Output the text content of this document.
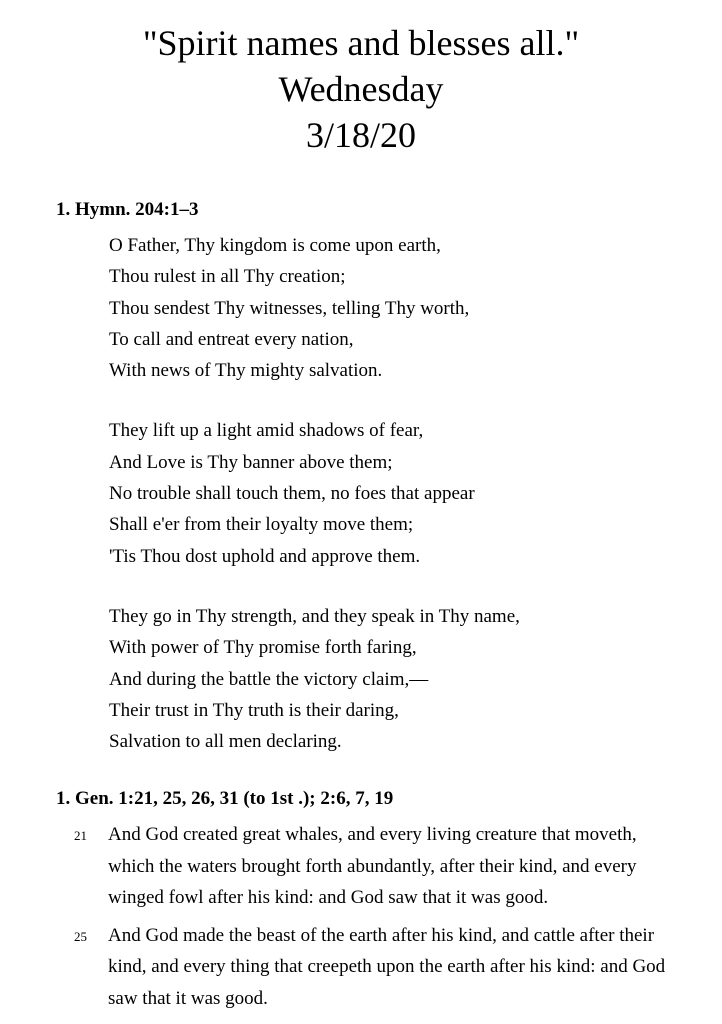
"Spirit names and blesses all."

Wednesday

3/18/20

1. Hymn. 204:1–3

O Father, Thy kingdom is come upon earth,

Thou rulest in all Thy creation;

Thou sendest Thy witnesses, telling Thy worth,

To call and entreat every nation,

With news of Thy mighty salvation.

They lift up a light amid shadows of fear,

And Love is Thy banner above them;

No trouble shall touch them, no foes that appear

Shall e'er from their loyalty move them;

'Tis Thou dost uphold and approve them.

They go in Thy strength, and they speak in Thy name,

With power of Thy promise forth faring,

And during the battle the victory claim,—

Their trust in Thy truth is their daring,

Salvation to all men declaring.

1. Gen. 1:21, 25, 26, 31 (to 1st .); 2:6, 7, 19

21 And God created great whales, and every living creature that moveth, which the waters brought forth abundantly, after their kind, and every winged fowl after his kind: and God saw that it was good.

25 And God made the beast of the earth after his kind, and cattle after their kind, and every thing that creepeth upon the earth after his kind: and God saw that it was good.
